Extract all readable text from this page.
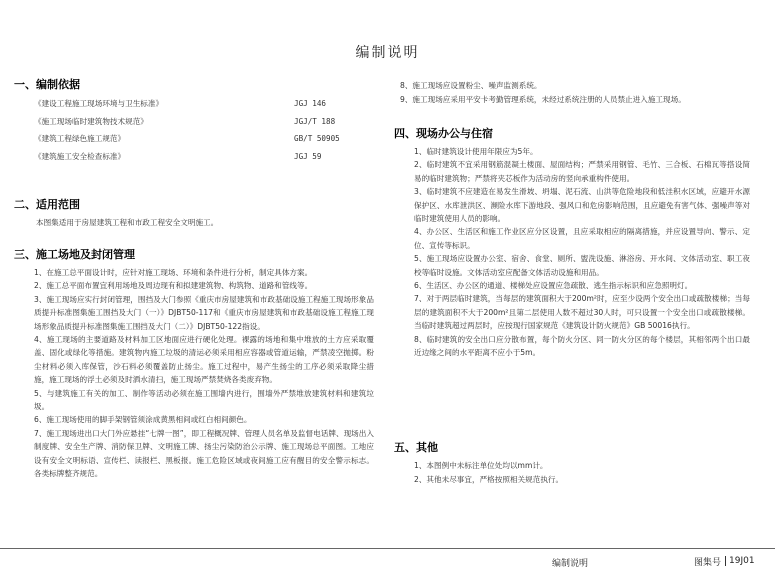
编制说明

一、编制依据

《建设工程施工现场环境与卫生标准》	JGJ 146
《施工现场临时建筑物技术规范》	JGJ/T 188
《建筑工程绿色施工规范》	GB/T 50905
《建筑施工安全检查标准》	JGJ 59

二、适用范围

本图集适用于房屋建筑工程和市政工程安全文明施工。

三、施工场地及封闭管理

1、在施工总平面设计时，应针对施工现场、环境和条件进行分析，制定具体方案。

2、施工总平面布置宜利用场地及周边现有和拟建建筑物、构筑物、道路和管线等。

3、施工现场应实行封闭管理，围挡及大门参照《重庆市房屋建筑和市政基础设施工程施工现场形象品质提升标准图集施工围挡及大门（一）》DJBT50-117和《重庆市房屋建筑和市政基础设施工程施工现场形象品质提升标准图集施工围挡及大门（二）》DJBT50-122指设。

4、施工现场的主要道路及材料加工区地面应进行硬化处理。裸露的场地和集中堆放的土方应采取覆盖、固化或绿化等措施。建筑物内施工垃圾的清运必须采用相应容器或管道运输，严禁凌空抛掷。粉尘材料必须入库保管，沙石料必须覆盖防止扬尘。施工过程中，易产生扬尘的工序必须采取降尘措施，施工现场的浮土必须及时洒水清扫，施工现场严禁焚烧各类废弃物。

5、与建筑施工有关的加工、制作等活动必须在施工围墙内进行，围墙外严禁堆放建筑材料和建筑垃圾。

6、施工现场使用的脚手架钢管须涂成黄黑相间或红白相间颜色。

7、施工现场进出口大门外应悬挂“七牌一图”，即工程概况牌、管理人员名单及监督电话牌、现场出入制度牌、安全生产牌、消防保卫牌、文明施工牌、扬尘污染防治公示牌、施工现场总平面图。工地应设有安全文明标语、宣传栏、读报栏、黑板报。施工危险区域或夜间施工应有醒目的安全警示标志。各类标牌整齐规范。

8、施工现场应设置粉尘、噪声监测系统。

9、施工现场应采用平安卡考勤管理系统，未经过系统注册的人员禁止进入施工现场。

四、现场办公与住宿

1、临时建筑设计使用年限应为5年。

2、临时建筑不宜采用钢筋混凝土楼面、屋面结构；严禁采用钢管、毛竹、三合板、石棉瓦等搭设简易的临时建筑物；严禁将夹芯板作为活动房的竖向承重构件使用。

3、临时建筑不应建造在易发生滑坡、坍塌、泥石流、山洪等危险地段和低洼积水区域，应避开水源保护区、水库泄洪区、濒险水库下游地段、强风口和危房影响范围，且应避免有害气体、强噪声等对临时建筑使用人员的影响。

4、办公区、生活区和施工作业区应分区设置，且应采取相应的隔离措施，并应设置导向、警示、定位、宣传等标识。

5、施工现场应设置办公室、宿舍、食堂、厕所、盥洗设施、淋浴房、开水间、文体活动室、职工夜校等临时设施。文体活动室应配备文体活动设施和用品。

6、生活区、办公区的通道、楼梯处应设置应急疏散、逃生指示标识和应急照明灯。

7、对于两层临时建筑，当每层的建筑面积大于200m²时，应至少设两个安全出口或疏散楼梯；当每层的建筑面积不大于200m²且第二层使用人数不超过30人时，可只设置一个安全出口或疏散楼梯。当临时建筑超过两层时，应按现行国家规范《建筑设计防火规范》GB 50016执行。

8、临时建筑的安全出口应分散布置，每个防火分区、同一防火分区的每个楼层，其相邻两个出口最近边缘之间的水平距离不应小于5m。

五、其他

1、本图例中未标注单位处均以mm计。

2、其他未尽事宜，严格按照相关规范执行。

编制说明	图集号 19J01
